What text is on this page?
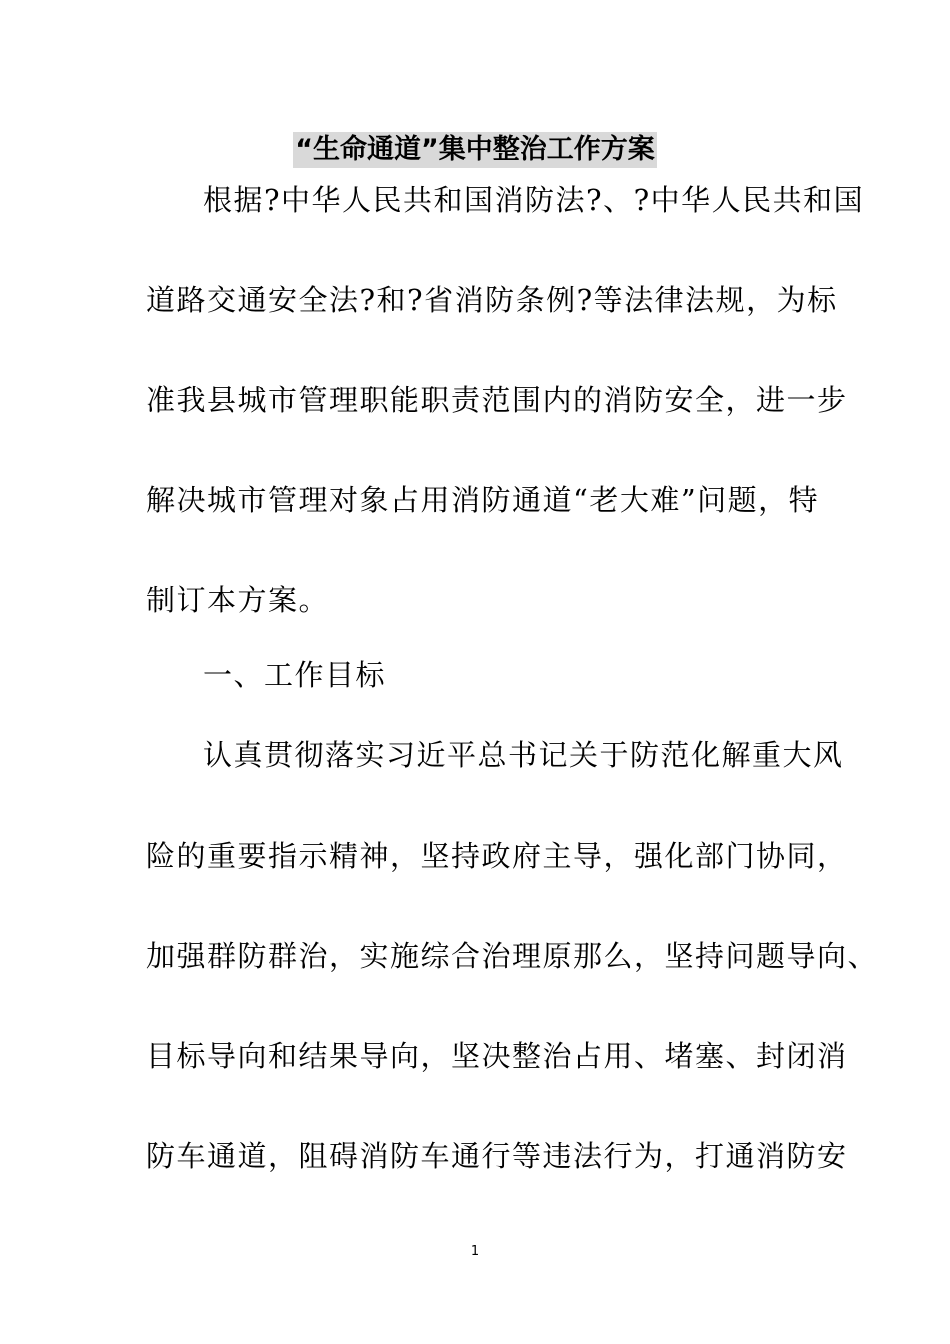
“生命通道”集中整治工作方案
根据?中华人民共和国消防法?、?中华人民共和国
道路交通安全法?和?省消防条例?等法律法规，为标
准我县城市管理职能职责范围内的消防安全，进一步
解决城市管理对象占用消防通道“老大难”问题，特
制订本方案。
一、工作目标
认真贯彻落实习近平总书记关于防范化解重大风
险的重要指示精神，坚持政府主导，强化部门协同，
加强群防群治，实施综合治理原那么，坚持问题导向、
目标导向和结果导向，坚决整治占用、堵塞、封闭消
防车通道，阻碍消防车通行等违法行为，打通消防安
1
